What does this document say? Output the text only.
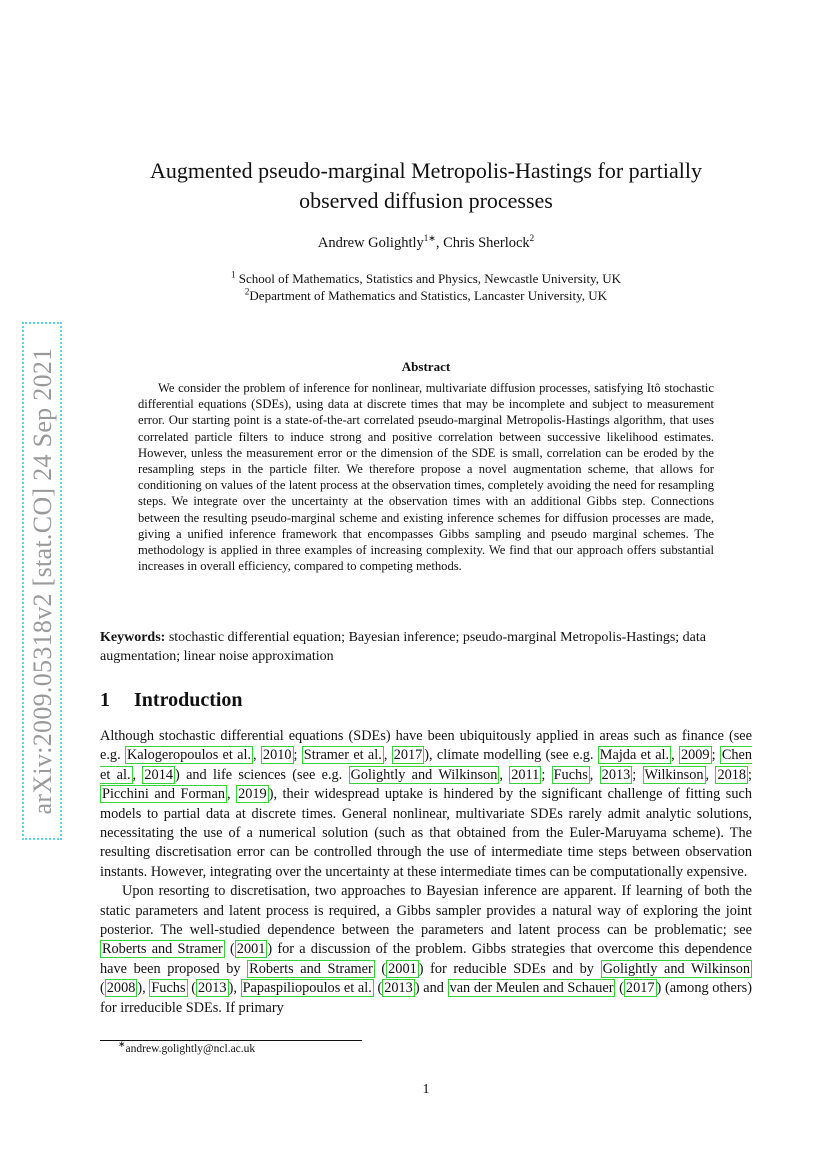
arXiv:2009.05318v2 [stat.CO] 24 Sep 2021
Augmented pseudo-marginal Metropolis-Hastings for partially
observed diffusion processes
Andrew Golightly$^{1∗}$, Chris Sherlock$^2$
$^1$ School of Mathematics, Statistics and Physics, Newcastle University, UK
$^2$Department of Mathematics and Statistics, Lancaster University, UK
Abstract

We consider the problem of inference for nonlinear, multivariate diffusion processes, satisfying Itô stochastic differential equations (SDEs), using data at discrete times that may be incomplete and subject to measurement error. Our starting point is a state-of-the-art correlated pseudo-marginal Metropolis-Hastings algorithm, that uses correlated particle filters to induce strong and positive correlation between successive likelihood estimates. However, unless the measurement error or the dimension of the SDE is small, correlation can be eroded by the resampling steps in the particle filter. We therefore propose a novel augmentation scheme, that allows for conditioning on values of the latent process at the observation times, completely avoiding the need for resampling steps. We integrate over the uncertainty at the observation times with an additional Gibbs step. Connections between the resulting pseudo-marginal scheme and existing inference schemes for diffusion processes are made, giving a unified inference framework that encompasses Gibbs sampling and pseudo marginal schemes. The methodology is applied in three examples of increasing complexity. We find that our approach offers substantial increases in overall efficiency, compared to competing methods.

Keywords: stochastic differential equation; Bayesian inference; pseudo-marginal Metropolis-Hastings; data augmentation; linear noise approximation
1 Introduction

Although stochastic differential equations (SDEs) have been ubiquitously applied in areas such as finance (see e.g. Kalogeropoulos et al. , 2010 ; Stramer et al. , 2017 ), climate modelling (see e.g. Majda et al. , 2009 ; Chen et al. , 2014 ) and life sciences (see e.g. Golightly and Wilkinson , 2011 ; Fuchs , 2013 ; Wilkinson , 2018 ; Picchini and Forman , 2019 ), their widespread uptake is hindered by the significant challenge of fitting such models to partial data at discrete times. General nonlinear, multivariate SDEs rarely admit analytic solutions, necessitating the use of a numerical solution (such as that obtained from the Euler-Maruyama scheme). The resulting discretisation error can be controlled through the use of intermediate time steps between observation instants. However, integrating over the uncertainty at these intermediate times can be computationally expensive.

Upon resorting to discretisation, two approaches to Bayesian inference are apparent. If learning of both the static parameters and latent process is required, a Gibbs sampler provides a natural way of exploring the joint posterior. The well-studied dependence between the parameters and latent process can be problematic; see Roberts and Stramer ( 2001 ) for a discussion of the problem. Gibbs strategies that overcome this dependence have been proposed by Roberts and Stramer ( 2001 ) for reducible SDEs and by Golightly and Wilkinson ( 2008 ), Fuchs ( 2013 ), Papaspiliopoulos et al. ( 2013 ) and van der Meulen and Schauer ( 2017 ) (among others) for irreducible SDEs. If primary

∗andrew.golightly@ncl.ac.uk
1
